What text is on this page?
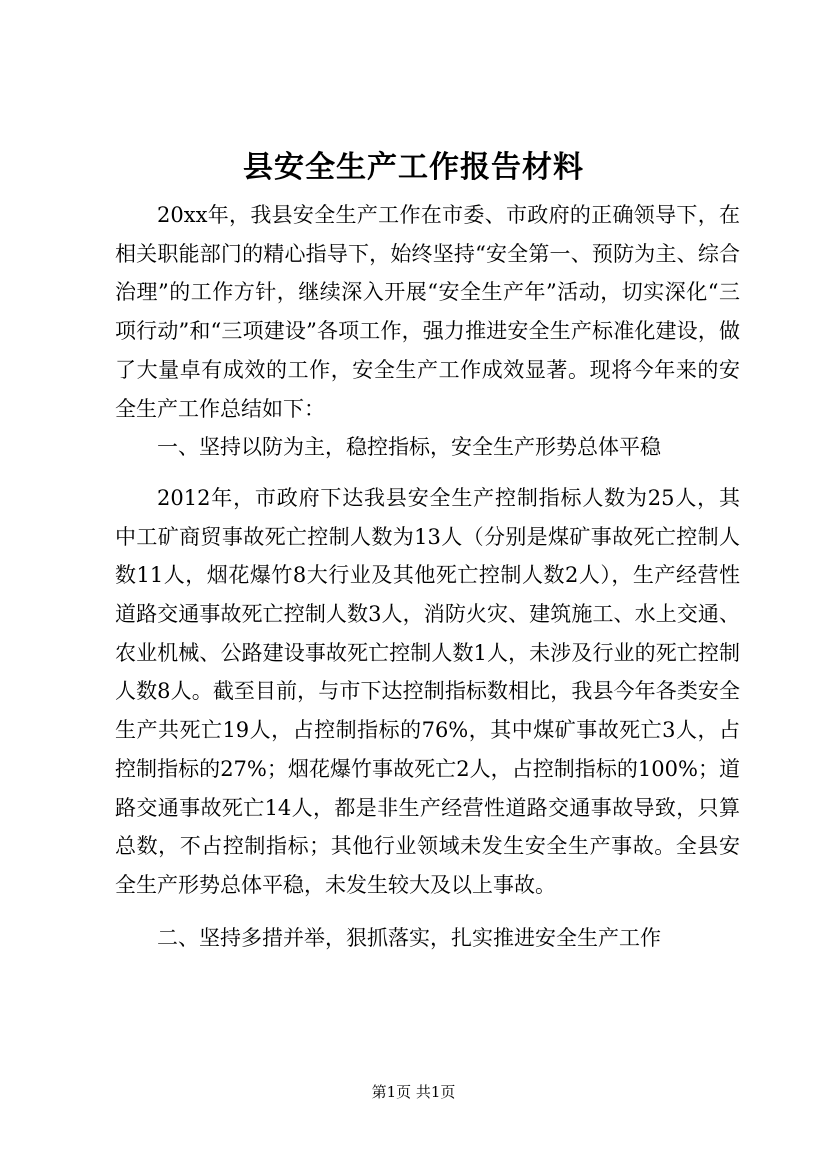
县安全生产工作报告材料

20xx年，我县安全生产工作在市委、市政府的正确领导下，在相关职能部门的精心指导下，始终坚持“安全第一、预防为主、综合治理”的工作方针，继续深入开展“安全生产年”活动，切实深化“三项行动”和“三项建设”各项工作，强力推进安全生产标准化建设，做了大量卓有成效的工作，安全生产工作成效显著。现将今年来的安全生产工作总结如下：

一、坚持以防为主，稳控指标，安全生产形势总体平稳

2012年，市政府下达我县安全生产控制指标人数为25人，其中工矿商贸事故死亡控制人数为13人（分别是煤矿事故死亡控制人数11人，烟花爆竹8大行业及其他死亡控制人数2人），生产经营性道路交通事故死亡控制人数3人，消防火灾、建筑施工、水上交通、农业机械、公路建设事故死亡控制人数1人，未涉及行业的死亡控制人数8人。截至目前，与市下达控制指标数相比，我县今年各类安全生产共死亡19人，占控制指标的76%，其中煤矿事故死亡3人，占控制指标的27%；烟花爆竹事故死亡2人，占控制指标的100%；道路交通事故死亡14人，都是非生产经营性道路交通事故导致，只算总数，不占控制指标；其他行业领域未发生安全生产事故。全县安全生产形势总体平稳，未发生较大及以上事故。

二、坚持多措并举，狠抓落实，扎实推进安全生产工作

第1页 共1页
